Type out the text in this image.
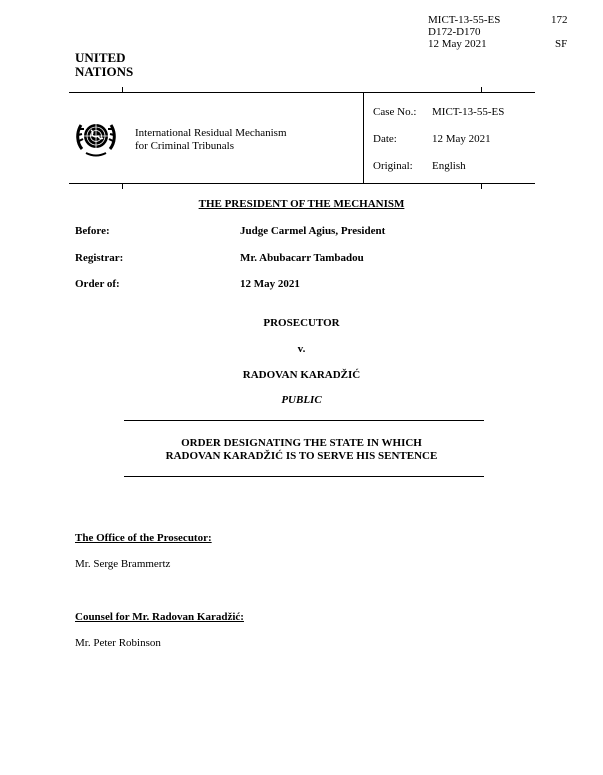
MICT-13-55-ES
D172-D170
12 May 2021
172
SF
UNITED
NATIONS
International Residual Mechanism
for Criminal Tribunals
Case No.: MICT-13-55-ES
Date:	12 May 2021
Original: English
THE PRESIDENT OF THE MECHANISM
Before:	Judge Carmel Agius, President
Registrar:	Mr. Abubacarr Tambadou
Order of:	12 May 2021
PROSECUTOR
v.
RADOVAN KARADŽIĆ
PUBLIC
ORDER DESIGNATING THE STATE IN WHICH
RADOVAN KARADŽIĆ IS TO SERVE HIS SENTENCE
The Office of the Prosecutor:
Mr. Serge Brammertz
Counsel for Mr. Radovan Karadžić:
Mr. Peter Robinson
